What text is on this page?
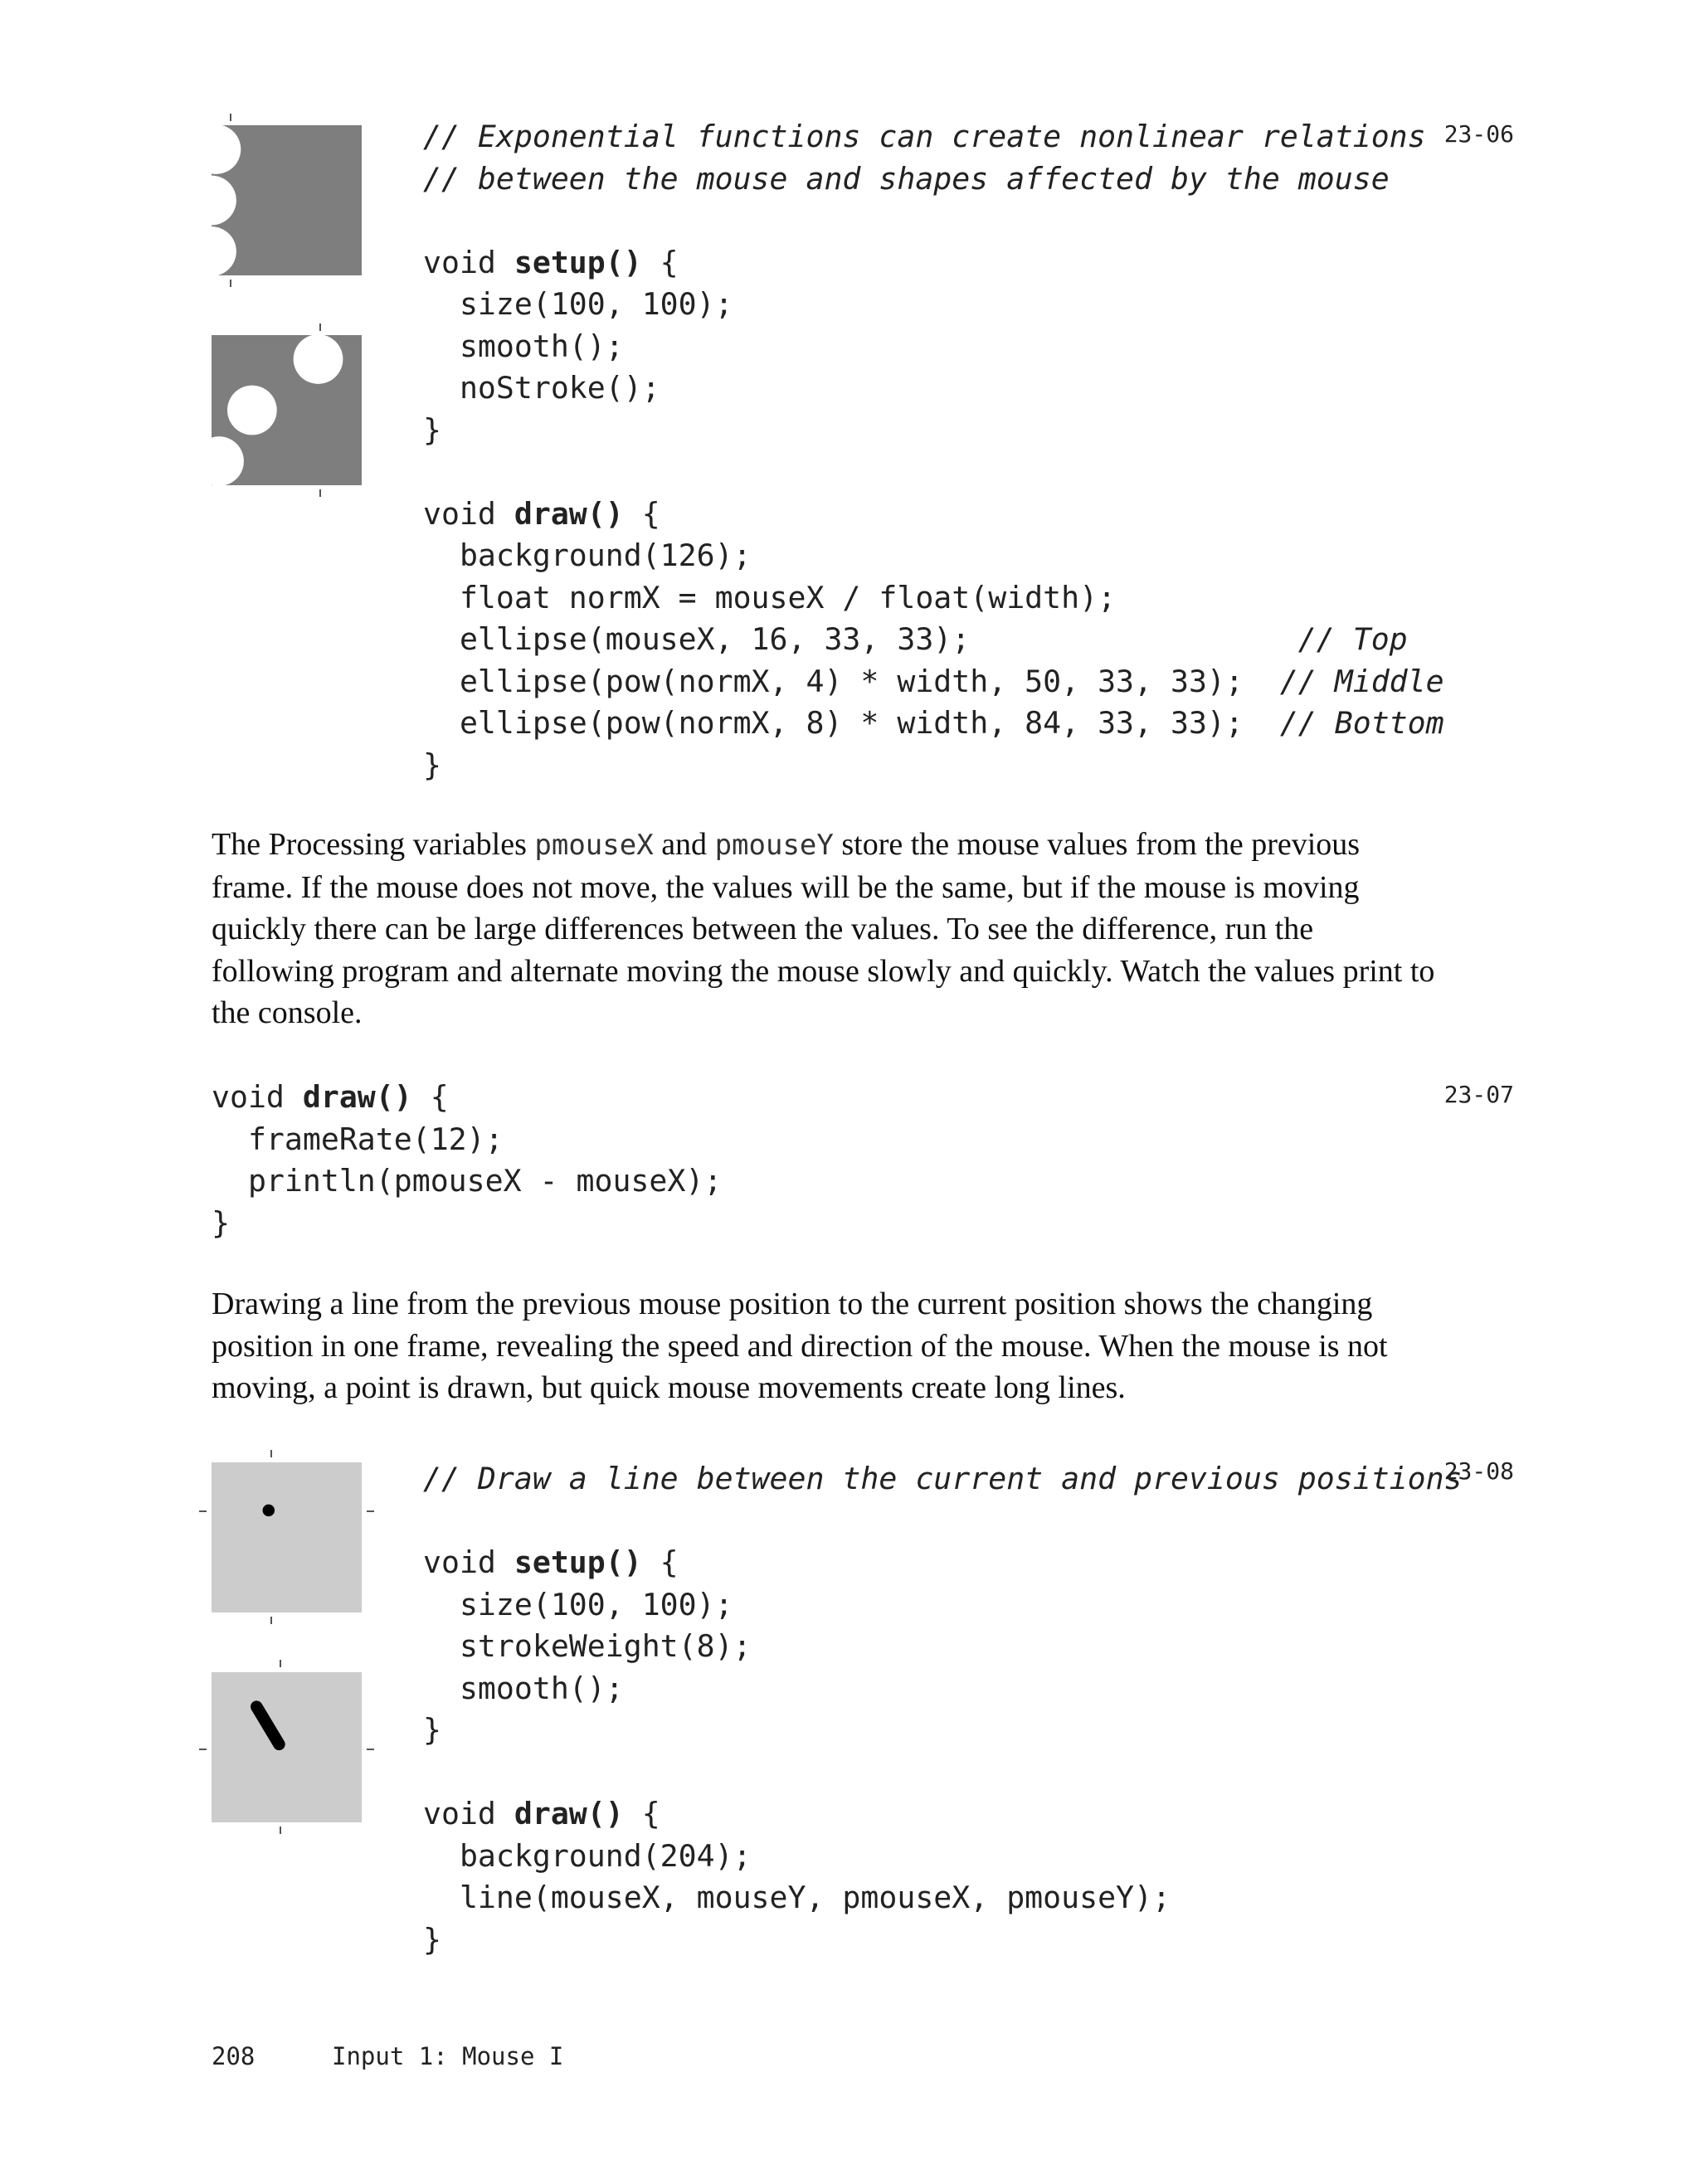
// Exponential functions can create nonlinear relations
// between the mouse and shapes affected by the mouse

void setup() {
size(100, 100);
smooth();
noStroke();
}

void draw() {
background(126);
float normX = mouseX / float(width);
ellipse(mouseX, 16, 33, 33);                  // Top
ellipse(pow(normX, 4) * width, 50, 33, 33);  // Middle
ellipse(pow(normX, 8) * width, 84, 33, 33);  // Bottom
}
23-06

The Processing variables pmouseX and pmouseY store the mouse values from the previous frame. If the mouse does not move, the values will be the same, but if the mouse is moving quickly there can be large differences between the values. To see the difference, run the following program and alternate moving the mouse slowly and quickly. Watch the values print to the console.

void draw() {
frameRate(12);
println(pmouseX - mouseX);
}
23-07

Drawing a line from the previous mouse position to the current position shows the changing position in one frame, revealing the speed and direction of the mouse. When the mouse is not moving, a point is drawn, but quick mouse movements create long lines.

// Draw a line between the current and previous positions

void setup() {
size(100, 100);
strokeWeight(8);
smooth();
}

void draw() {
background(204);
line(mouseX, mouseY, pmouseX, pmouseY);
}
23-08
208	Input 1: Mouse I
